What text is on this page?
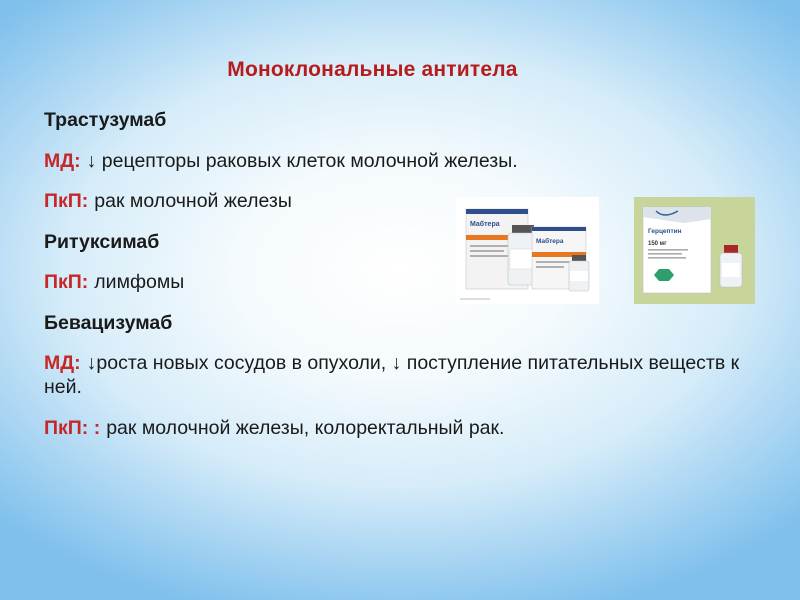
Моноклональные антитела
Трастузумаб
МД: ↓ рецепторы раковых клеток молочной железы.
ПкП: рак молочной железы
Ритуксимаб
ПкП: лимфомы
Бевацизумаб
МД: ↓роста новых сосудов в опухоли, ↓ поступление питательных веществ к ней.
ПкП: : рак молочной железы, колоректальный рак.
Мабтера
Мабтера
Герцептин
150 мг
